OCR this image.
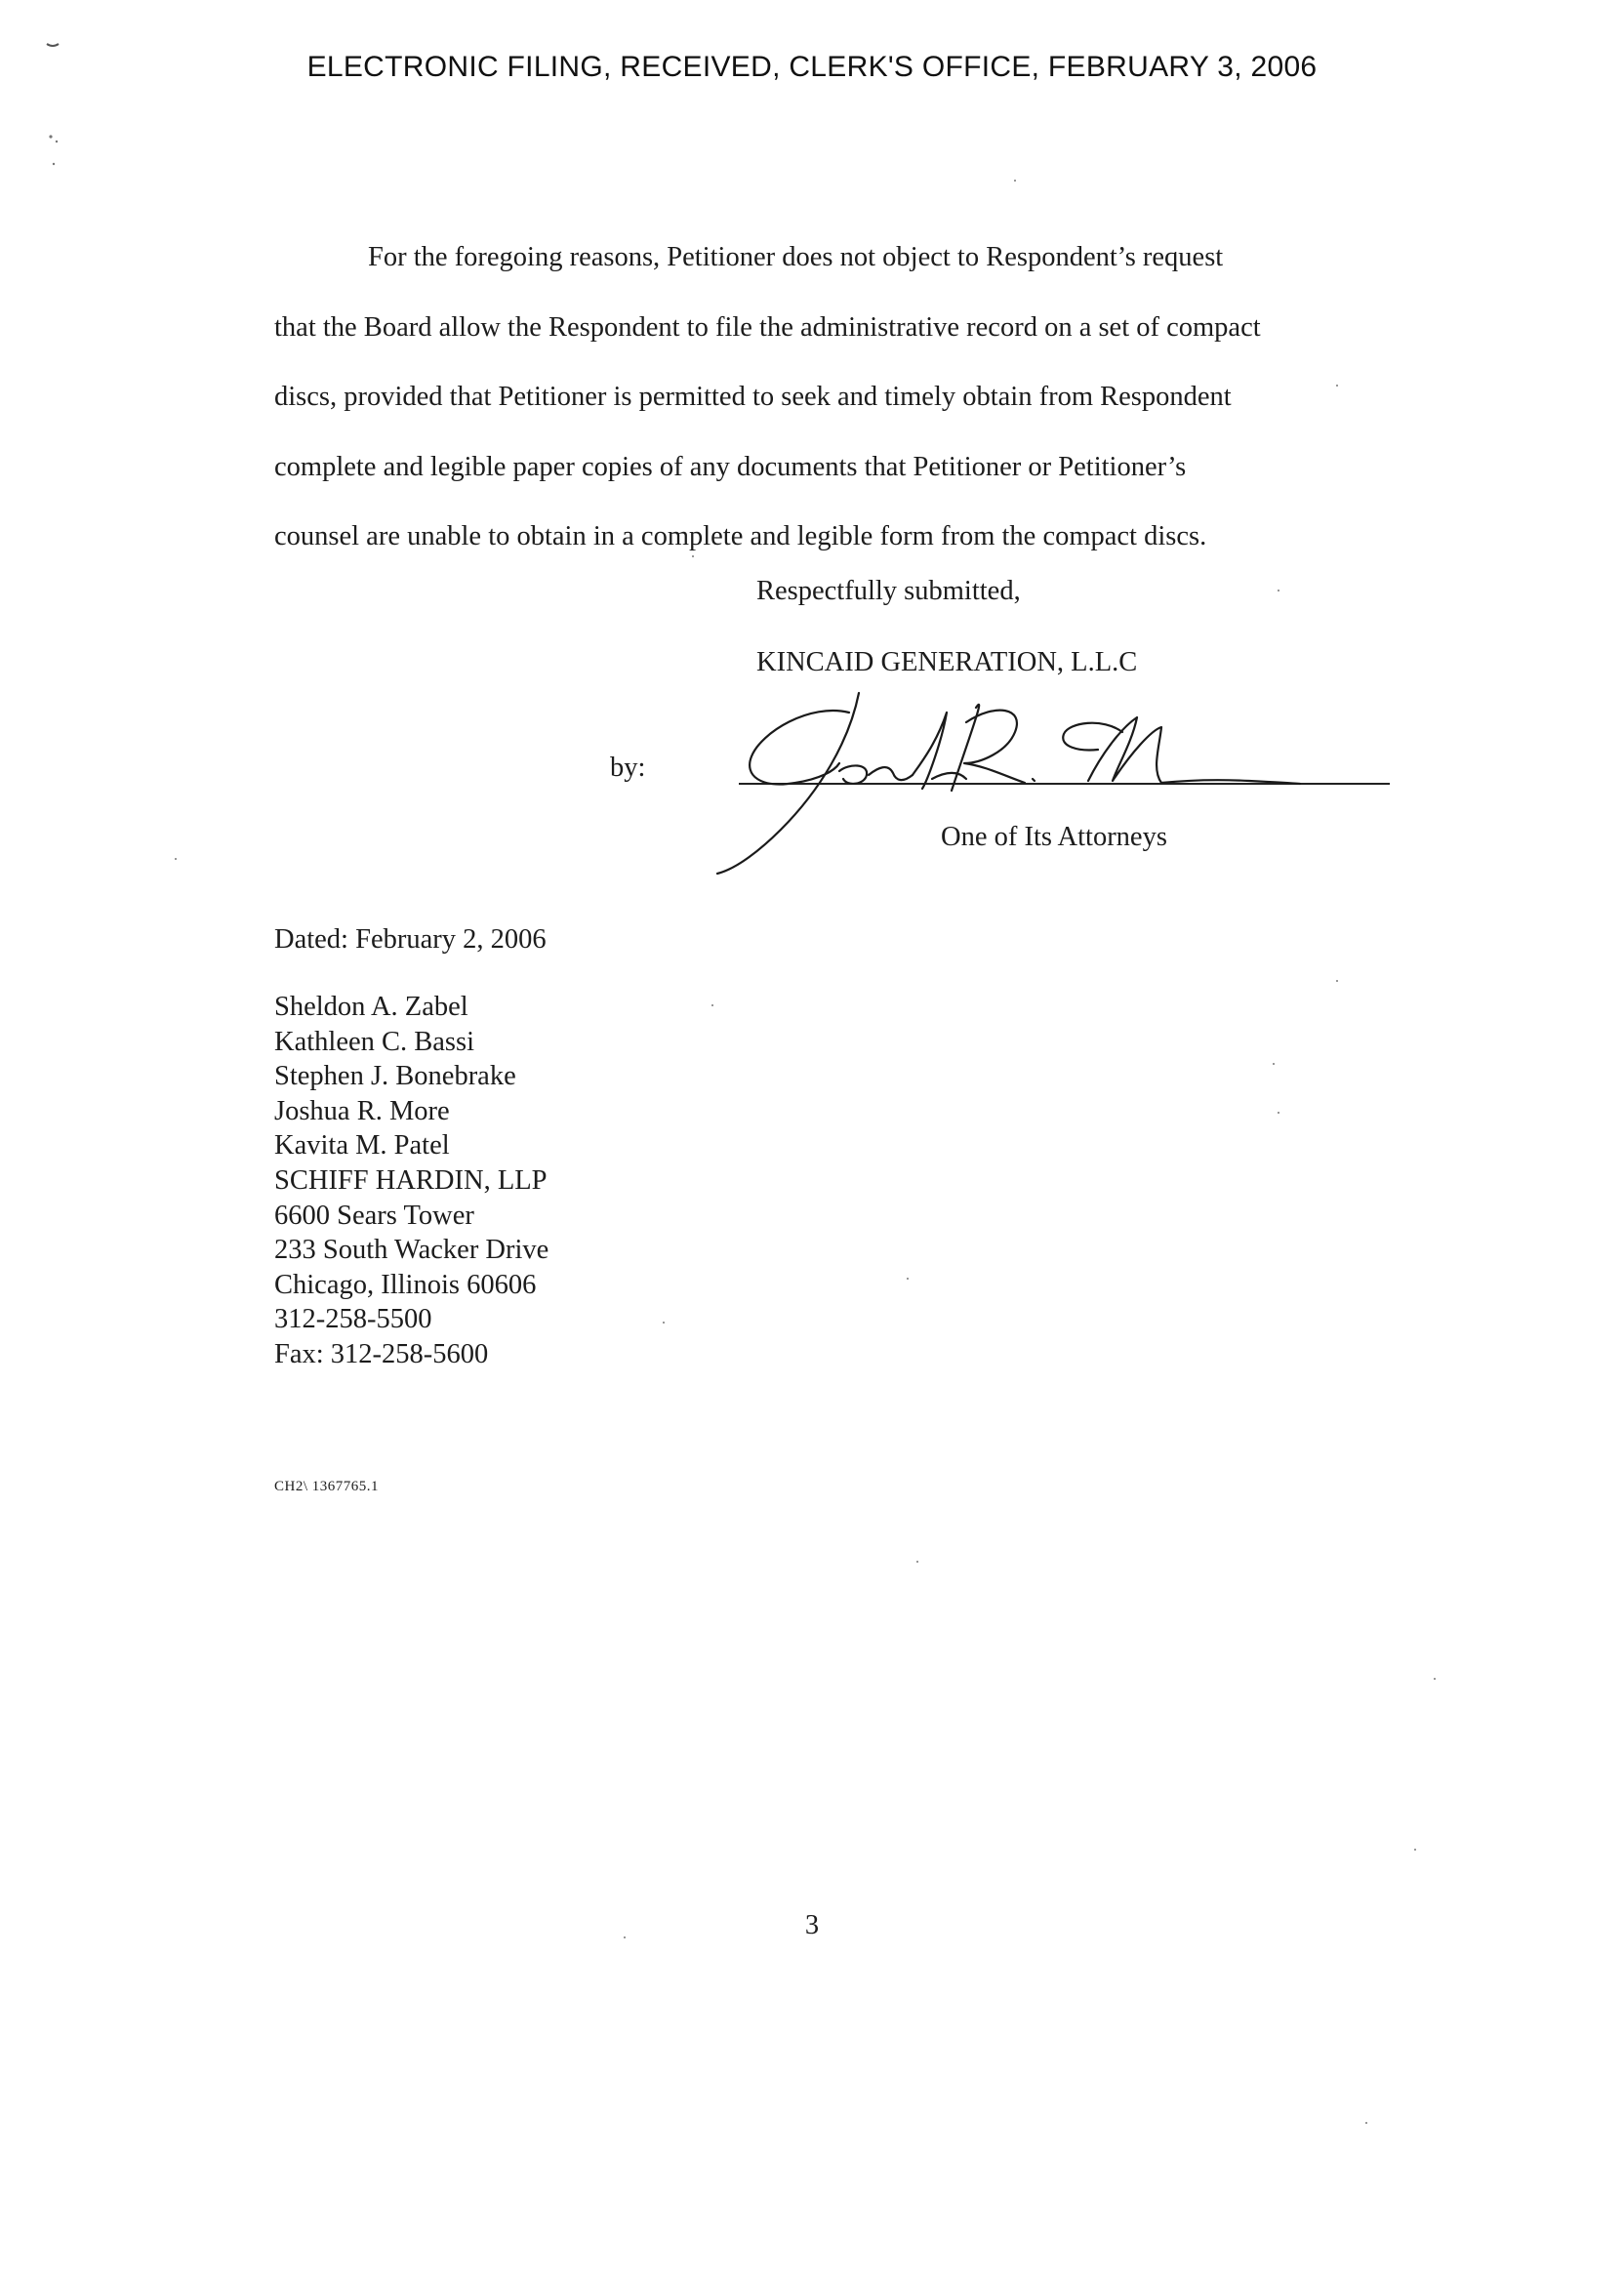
ELECTRONIC FILING, RECEIVED, CLERK'S OFFICE, FEBRUARY 3, 2006

For the foregoing reasons, Petitioner does not object to Respondent’s request
that the Board allow the Respondent to file the administrative record on a set of compact
discs, provided that Petitioner is permitted to seek and timely obtain from Respondent
complete and legible paper copies of any documents that Petitioner or Petitioner’s
counsel are unable to obtain in a complete and legible form from the compact discs.

Respectfully submitted,
KINCAID GENERATION, L.L.C
by:
One of Its Attorneys
Dated: February 2, 2006
Sheldon A. Zabel
Kathleen C. Bassi
Stephen J. Bonebrake
Joshua R. More
Kavita M. Patel
SCHIFF HARDIN, LLP
6600 Sears Tower
233 South Wacker Drive
Chicago, Illinois 60606
312-258-5500
Fax: 312-258-5600
CH2\ 1367765.1
3
